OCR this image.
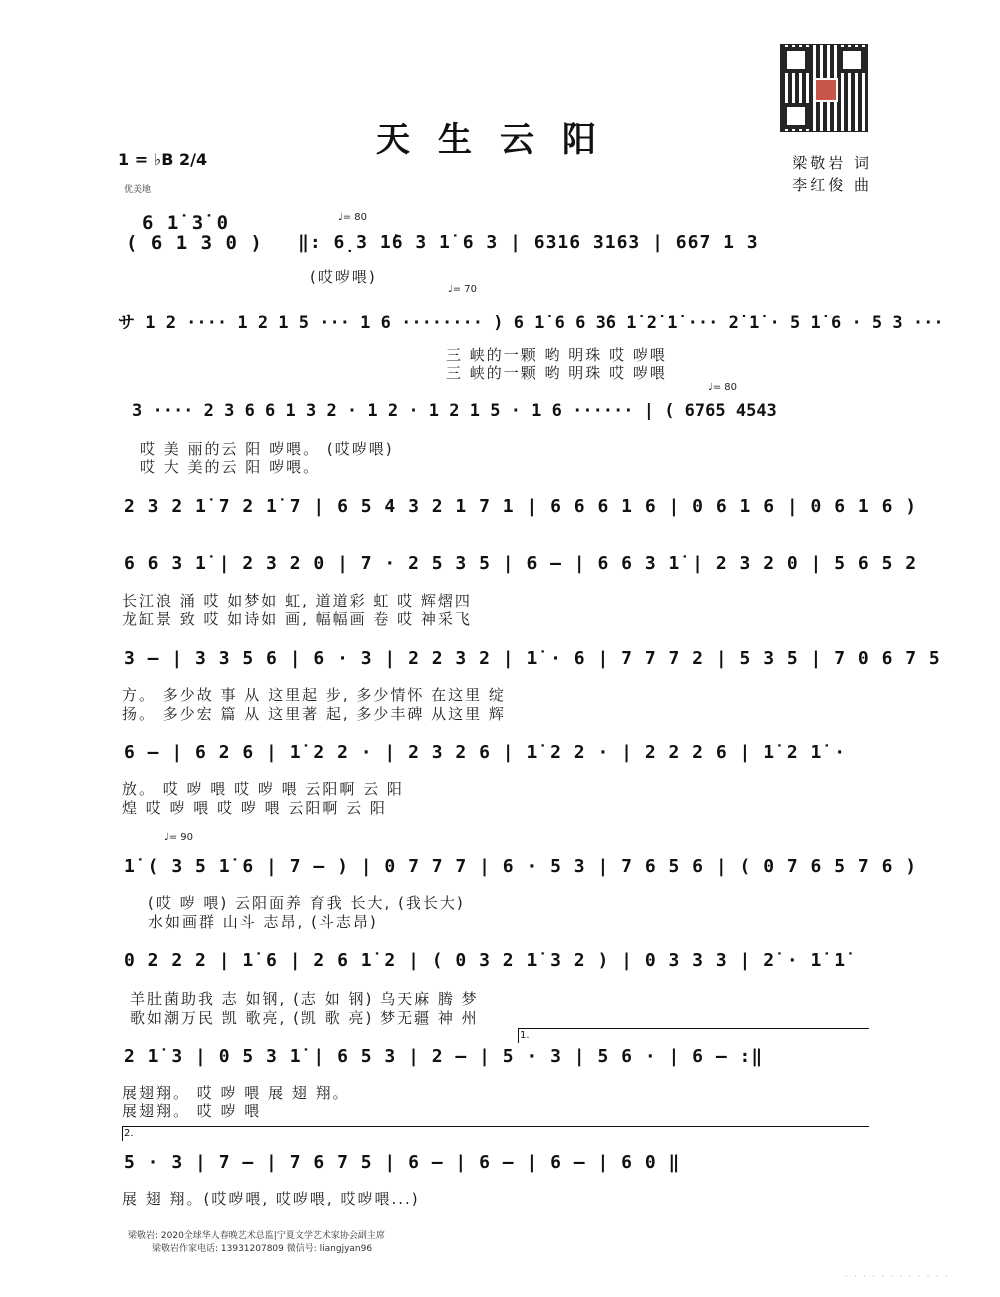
天生云阳
梁敬岩 词
李红俊 曲
1 = ♭B 2/4
优美地
6 1̇ 3̇ 0
( 6 1 3 0 )
♩= 80
‖: 6̣3 1̇6 3 1̇ 6 3 | 6316 3163 | 667 1 3
(哎哕喂)
♩= 70
サ 1 2 ···· 1 2 1 5 ··· 1 6 ········ ) 6 1̇ 6 6 3̇6 1̇ 2̇ 1̇ ··· 2̇ 1̇ · 5 1̇ 6 · 5 3 ···
三 峡的一颗 哟 明珠 哎 哕喂
三 峡的一颗 哟 明珠 哎 哕喂
♩= 80
3 ···· 2 3 6 6 1 3 2 · 1 2 · 1 2 1 5 · 1 6 ······ | ( 6765 4543
哎 美 丽的云 阳 哕喂。 (哎哕喂)
哎 大 美的云 阳 哕喂。
2 3 2 1̇ 7 2 1̇ 7 | 6 5 4 3 2 1 7 1 | 6 6 6 1 6 | 0 6 1 6 | 0 6 1 6 )
6 6 3 1̇ | 2 3 2 0 | 7 · 2 5 3 5 | 6 — | 6 6 3 1̇ | 2 3 2 0 | 5 6 5 2
长江浪 涌 哎 如梦如 虹, 道道彩 虹 哎 辉熠四
龙缸景 致 哎 如诗如 画, 幅幅画 卷 哎 神采飞
3 — | 3 3 5 6 | 6 · 3 | 2 2 3 2 | 1̇ · 6 | 7 7 7 2 | 5 3 5 | 7 0 6 7 5
方。 多少故 事 从 这里起 步, 多少情怀 在这里 绽
扬。 多少宏 篇 从 这里著 起, 多少丰碑 从这里 辉
6 — | 6 2 6 | 1̇ 2 2 · | 2 3 2 6 | 1̇ 2 2 · | 2 2 2 6 | 1̇ 2 1̇ ·
放。 哎 哕 喂 哎 哕 喂 云阳啊 云 阳
煌 哎 哕 喂 哎 哕 喂 云阳啊 云 阳
♩= 90
1̇ ( 3 5 1̇ 6 | 7 — ) | 0 7 7 7 | 6 · 5 3 | 7 6 5 6 | ( 0 7 6 5 7 6 )
(哎 哕 喂) 云阳面养 育我 长大, (我长大)
水如画群 山斗 志昂, (斗志昂)
0 2 2 2 | 1̇ 6 | 2 6 1̇ 2 | ( 0 3 2 1̇ 3 2 ) | 0 3 3 3 | 2̇ · 1̇ 1̇
羊肚菌助我 志 如钢, (志 如 钢) 乌天麻 腾 梦
歌如潮万民 凯 歌亮, (凯 歌 亮) 梦无疆 神 州
1.
2 1̇ 3 | 0 5 3 1̇ | 6 5 3 | 2 — | 5 · 3 | 5 6 · | 6 — :‖
展翅翔。 哎 哕 喂 展 翅 翔。
展翅翔。 哎 哕 喂
2.
5 · 3 | 7 — | 7 6 7 5 | 6 — | 6 — | 6 — | 6 0 ‖
展 翅 翔。(哎哕喂, 哎哕喂, 哎哕喂...)
梁敬岩: 2020全球华人春晚艺术总监|宁夏文学艺术家协会副主席
梁敬岩作家电话: 13931207809 微信号: liangjyan96
· · · · · · · · · · · ·
